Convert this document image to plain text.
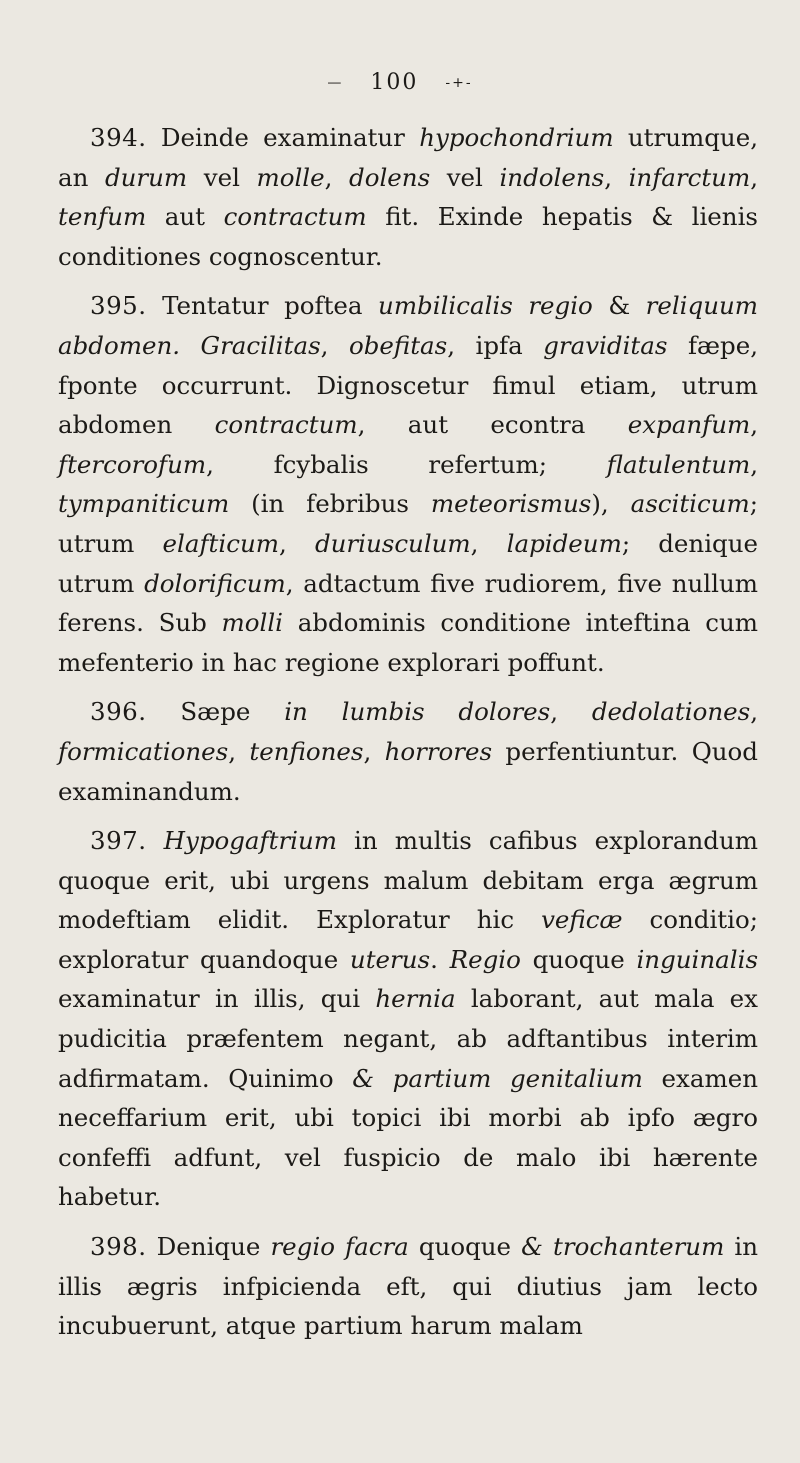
— 100 -+-

394. Deinde examinatur hypochondrium utrumque, an durum vel molle, dolens vel indolens, infarctum, tenfum aut contractum fit. Exinde hepatis & lienis conditiones cognoscentur.

395. Tentatur poftea umbilicalis regio & reliquum abdomen. Gracilitas, obefitas, ipfa graviditas fæpe, fponte occurrunt. Dignoscetur fimul etiam, utrum abdomen contractum, aut econtra expanfum, ftercorofum, fcybalis refertum; flatulentum, tympaniticum (in febribus meteorismus), asciticum; utrum elafticum, duriusculum, lapideum; denique utrum dolorificum, adtactum five rudiorem, five nullum ferens. Sub molli abdominis conditione inteftina cum mefenterio in hac regione explorari poffunt.

396. Sæpe in lumbis dolores, dedolationes, formicationes, tenfiones, horrores perfentiuntur. Quod examinandum.

397. Hypogaftrium in multis cafibus explorandum quoque erit, ubi urgens malum debitam erga ægrum modeftiam elidit. Exploratur hic veficæ conditio; exploratur quandoque uterus. Regio quoque inguinalis examinatur in illis, qui hernia laborant, aut mala ex pudicitia præfentem negant, ab adftantibus interim adfirmatam. Quinimo & partium genitalium examen neceffarium erit, ubi topici ibi morbi ab ipfo ægro confeffi adfunt, vel fuspicio de malo ibi hærente habetur.

398. Denique regio facra quoque & trochanterum in illis ægris infpicienda eft, qui diutius jam lecto incubuerunt, atque partium harum malam
